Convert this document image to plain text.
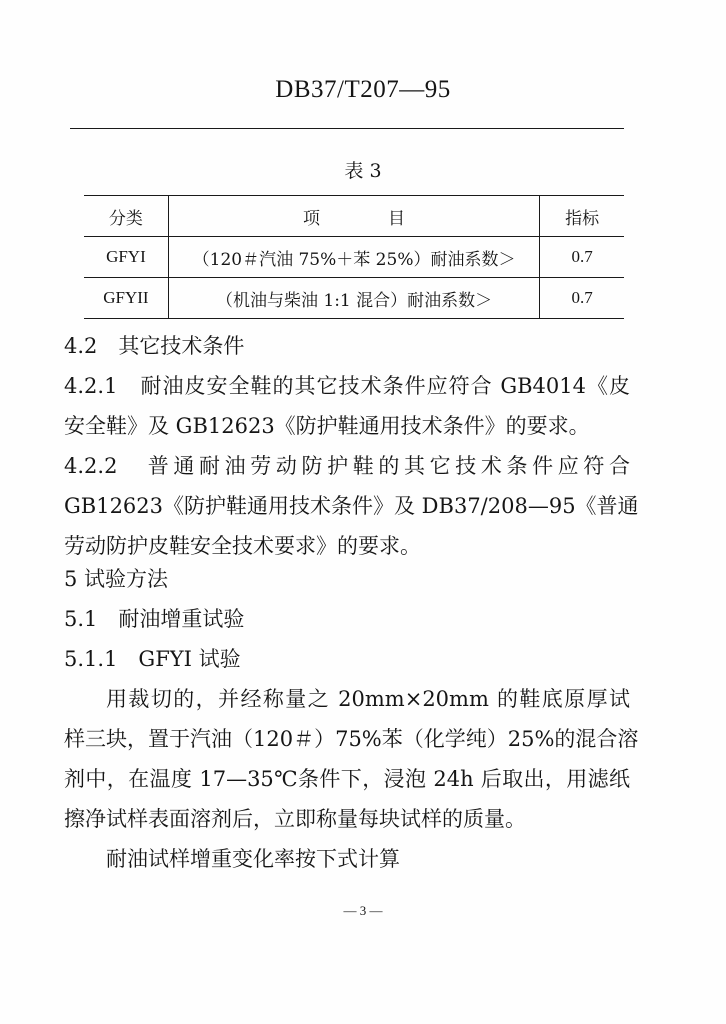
DB37/T207—95
表 3
分类	项　　　　目	指标
GFYI	（120＃汽油 75%＋苯 25%）耐油系数＞	0.7
GFYII	（机油与柴油 1:1 混合）耐油系数＞	0.7
4.2　其它技术条件
4.2.1　耐油皮安全鞋的其它技术条件应符合 GB4014《皮
安全鞋》及 GB12623《防护鞋通用技术条件》的要求。
4.2.2　普通耐油劳动防护鞋的其它技术条件应符合
GB12623《防护鞋通用技术条件》及 DB37/208—95《普通
劳动防护皮鞋安全技术要求》的要求。
5 试验方法
5.1　耐油增重试验
5.1.1　GFYI 试验
用裁切的，并经称量之 20mm×20mm 的鞋底原厚试
样三块，置于汽油（120＃）75%苯（化学纯）25%的混合溶
剂中，在温度 17—35℃条件下，浸泡 24h 后取出，用滤纸
擦净试样表面溶剂后，立即称量每块试样的质量。
耐油试样增重变化率按下式计算
— 3 —
